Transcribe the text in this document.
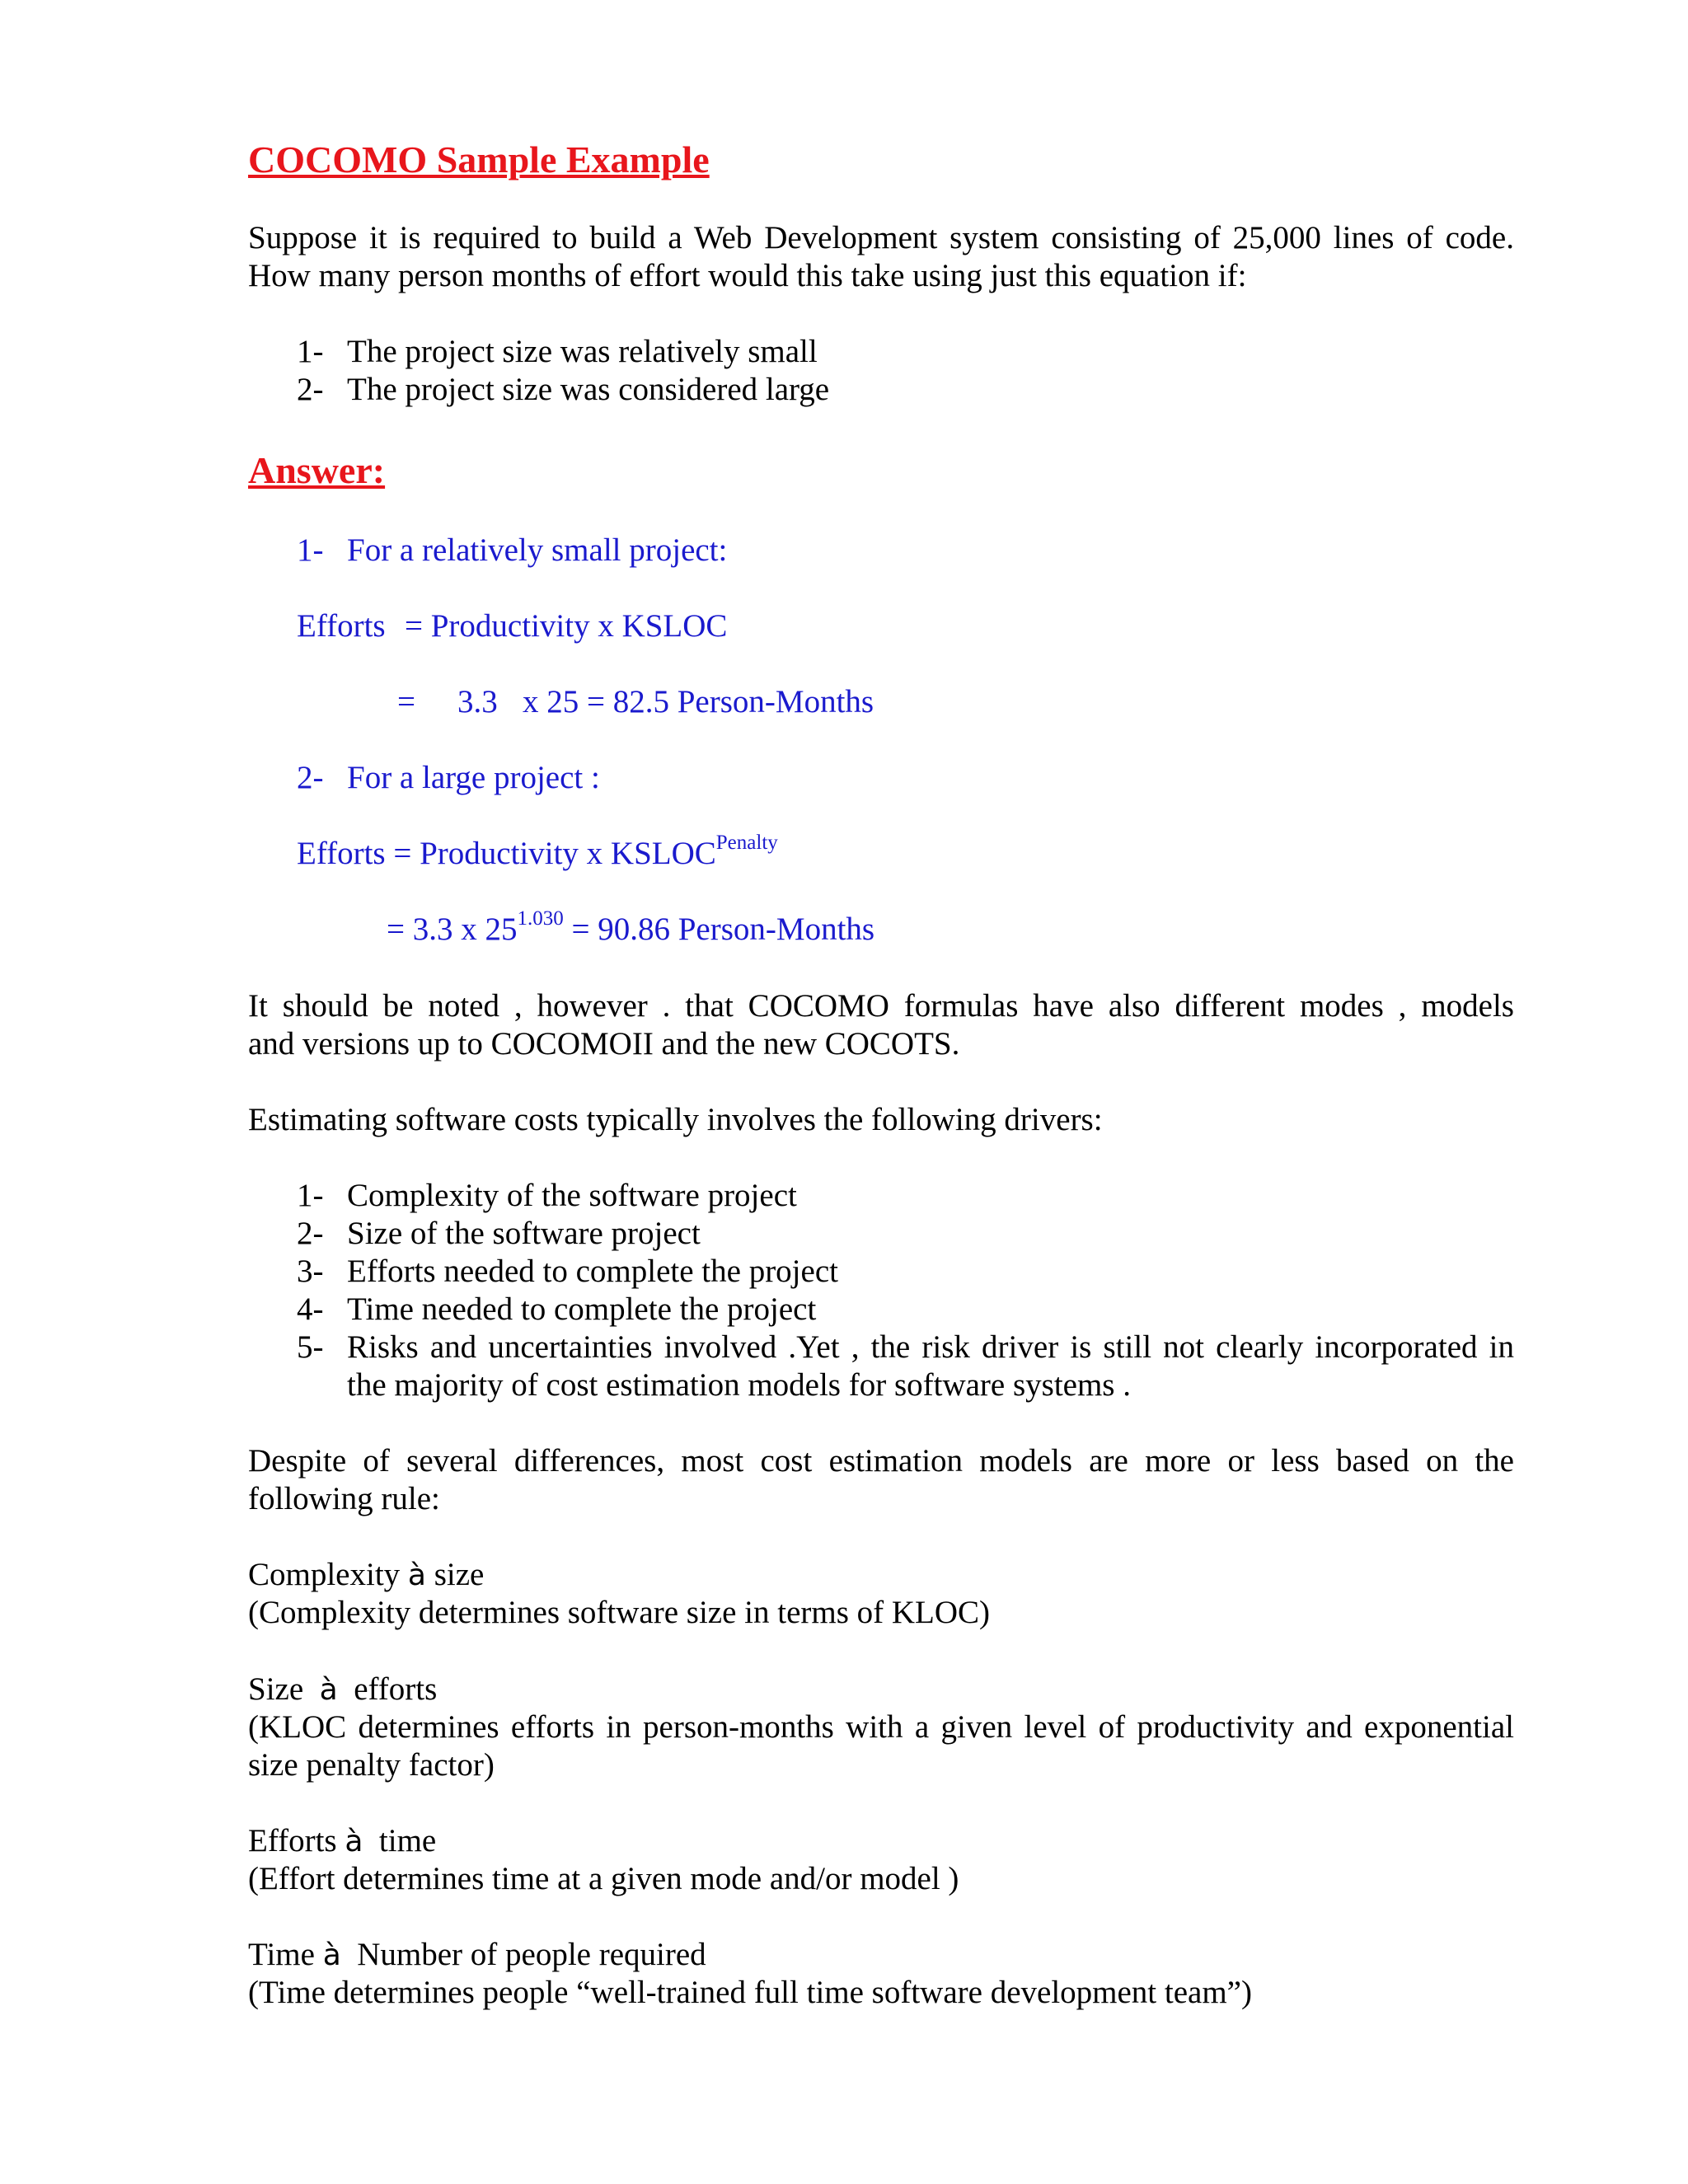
COCOMO Sample Example
Suppose it is required to build a Web Development system consisting of 25,000 lines of code.
How many person months of effort would this take using just this equation if:
1- The project size was relatively small
2- The project size was considered large
Answer:
1- For a relatively small project:
Efforts = Productivity x KSLOC
= 3.3 x 25 = 82.5 Person-Months
2- For a large project :
Efforts = Productivity x $KSLOC^{Penalty}$
= 3.3 x $25^{1.030} = 90.86$ Person-Months
It should be noted , however . that COCOMO formulas have also different modes , models
and versions up to COCOMOII and the new COCOTS.
Estimating software costs typically involves the following drivers:
1- Complexity of the software project
2- Size of the software project
3- Efforts needed to complete the project
4- Time needed to complete the project
5- Risks and uncertainties involved .Yet , the risk driver is still not clearly incorporated in
the majority of cost estimation models for software systems .
Despite of several differences, most cost estimation models are more or less based on the
following rule:
Complexity à size
(Complexity determines software size in terms of KLOC)
Size à efforts
(KLOC determines efforts in person-months with a given level of productivity and exponential
size penalty factor)
Efforts à time
(Effort determines time at a given mode and/or model )
Time à Number of people required
(Time determines people “well-trained full time software development team”)
